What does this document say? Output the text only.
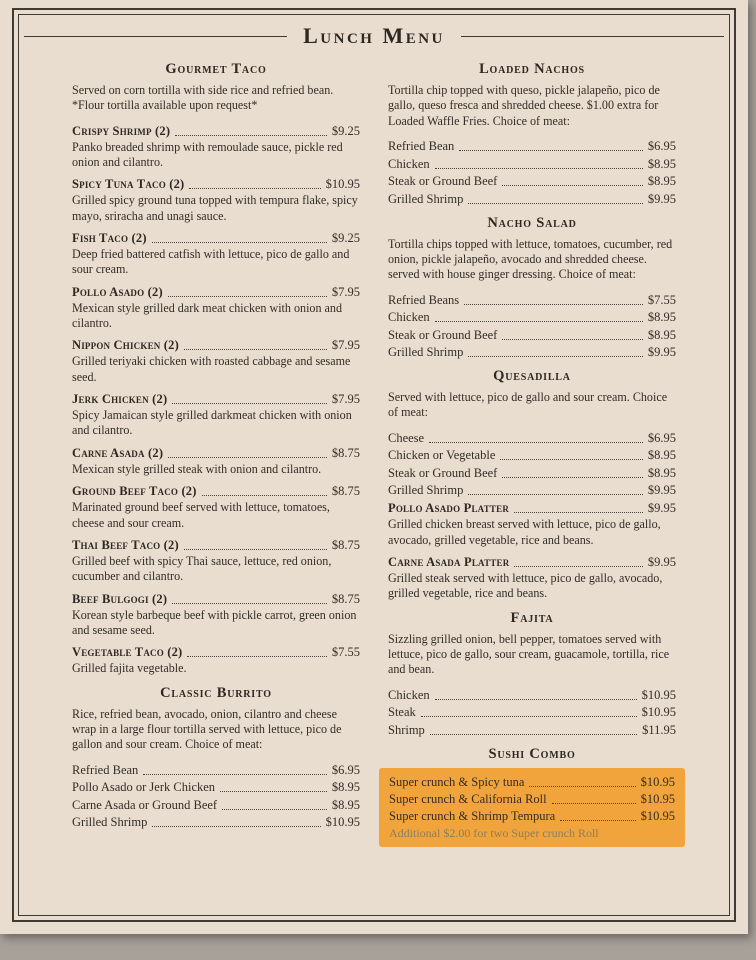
Lunch Menu
Gourmet Taco

Served on corn tortilla with side rice and refried bean. *Flour tortilla available upon request*

Crispy Shrimp (2)	$9.25

Panko breaded shrimp with remoulade sauce, pickle red onion and cilantro.

Spicy Tuna Taco (2)	$10.95

Grilled spicy ground tuna topped with tempura flake, spicy mayo, sriracha and unagi sauce.

Fish Taco (2)	$9.25

Deep fried battered catfish with lettuce, pico de gallo and sour cream.

Pollo Asado (2)	$7.95

Mexican style grilled dark meat chicken with onion and cilantro.

Nippon Chicken (2)	$7.95

Grilled teriyaki chicken with roasted cabbage and sesame seed.

Jerk Chicken (2)	$7.95

Spicy Jamaican style grilled darkmeat chicken with onion and cilantro.

Carne Asada (2)	$8.75

Mexican style grilled steak with onion and cilantro.

Ground Beef Taco (2)	$8.75

Marinated ground beef served with lettuce, tomatoes, cheese and sour cream.

Thai Beef Taco (2)	$8.75

Grilled beef with spicy Thai sauce, lettuce, red onion, cucumber and cilantro.

Beef Bulgogi (2)	$8.75

Korean style barbeque beef with pickle carrot, green onion and sesame seed.

Vegetable Taco (2)	$7.55

Grilled fajita vegetable.

Classic Burrito

Rice, refried bean, avocado, onion, cilantro and cheese wrap in a large flour tortilla served with lettuce, pico de gallon and sour cream. Choice of meat:

Refried Bean	$6.95
Pollo Asado or Jerk Chicken	$8.95
Carne Asada or Ground Beef	$8.95
Grilled Shrimp	$10.95
Loaded Nachos

Tortilla chip topped with queso, pickle jalapeño, pico de gallo, queso fresca and shredded cheese. $1.00 extra for Loaded Waffle Fries. Choice of meat:

Refried Bean	$6.95
Chicken	$8.95
Steak or Ground Beef	$8.95
Grilled Shrimp	$9.95
Nacho Salad

Tortilla chips topped with lettuce, tomatoes, cucumber, red onion, pickle jalapeño, avocado and shredded cheese. served with house ginger dressing. Choice of meat:

Refried Beans	$7.55
Chicken	$8.95
Steak or Ground Beef	$8.95
Grilled Shrimp	$9.95
Quesadilla

Served with lettuce, pico de gallo and sour cream. Choice of meat:

Cheese	$6.95
Chicken or Vegetable	$8.95
Steak or Ground Beef	$8.95
Grilled Shrimp	$9.95
Pollo Asado Platter	$9.95

Grilled chicken breast served with lettuce, pico de gallo, avocado, grilled vegetable, rice and beans.

Carne Asada Platter	$9.95

Grilled steak served with lettuce, pico de gallo, avocado, grilled vegetable, rice and beans.

Fajita

Sizzling grilled onion, bell pepper, tomatoes served with lettuce, pico de gallo, sour cream, guacamole, tortilla, rice and bean.

Chicken	$10.95
Steak	$10.95
Shrimp	$11.95
Sushi Combo
Super crunch & Spicy tuna	$10.95
Super crunch & California Roll	$10.95
Super crunch & Shrimp Tempura	$10.95

Additional $2.00 for two Super crunch Roll
